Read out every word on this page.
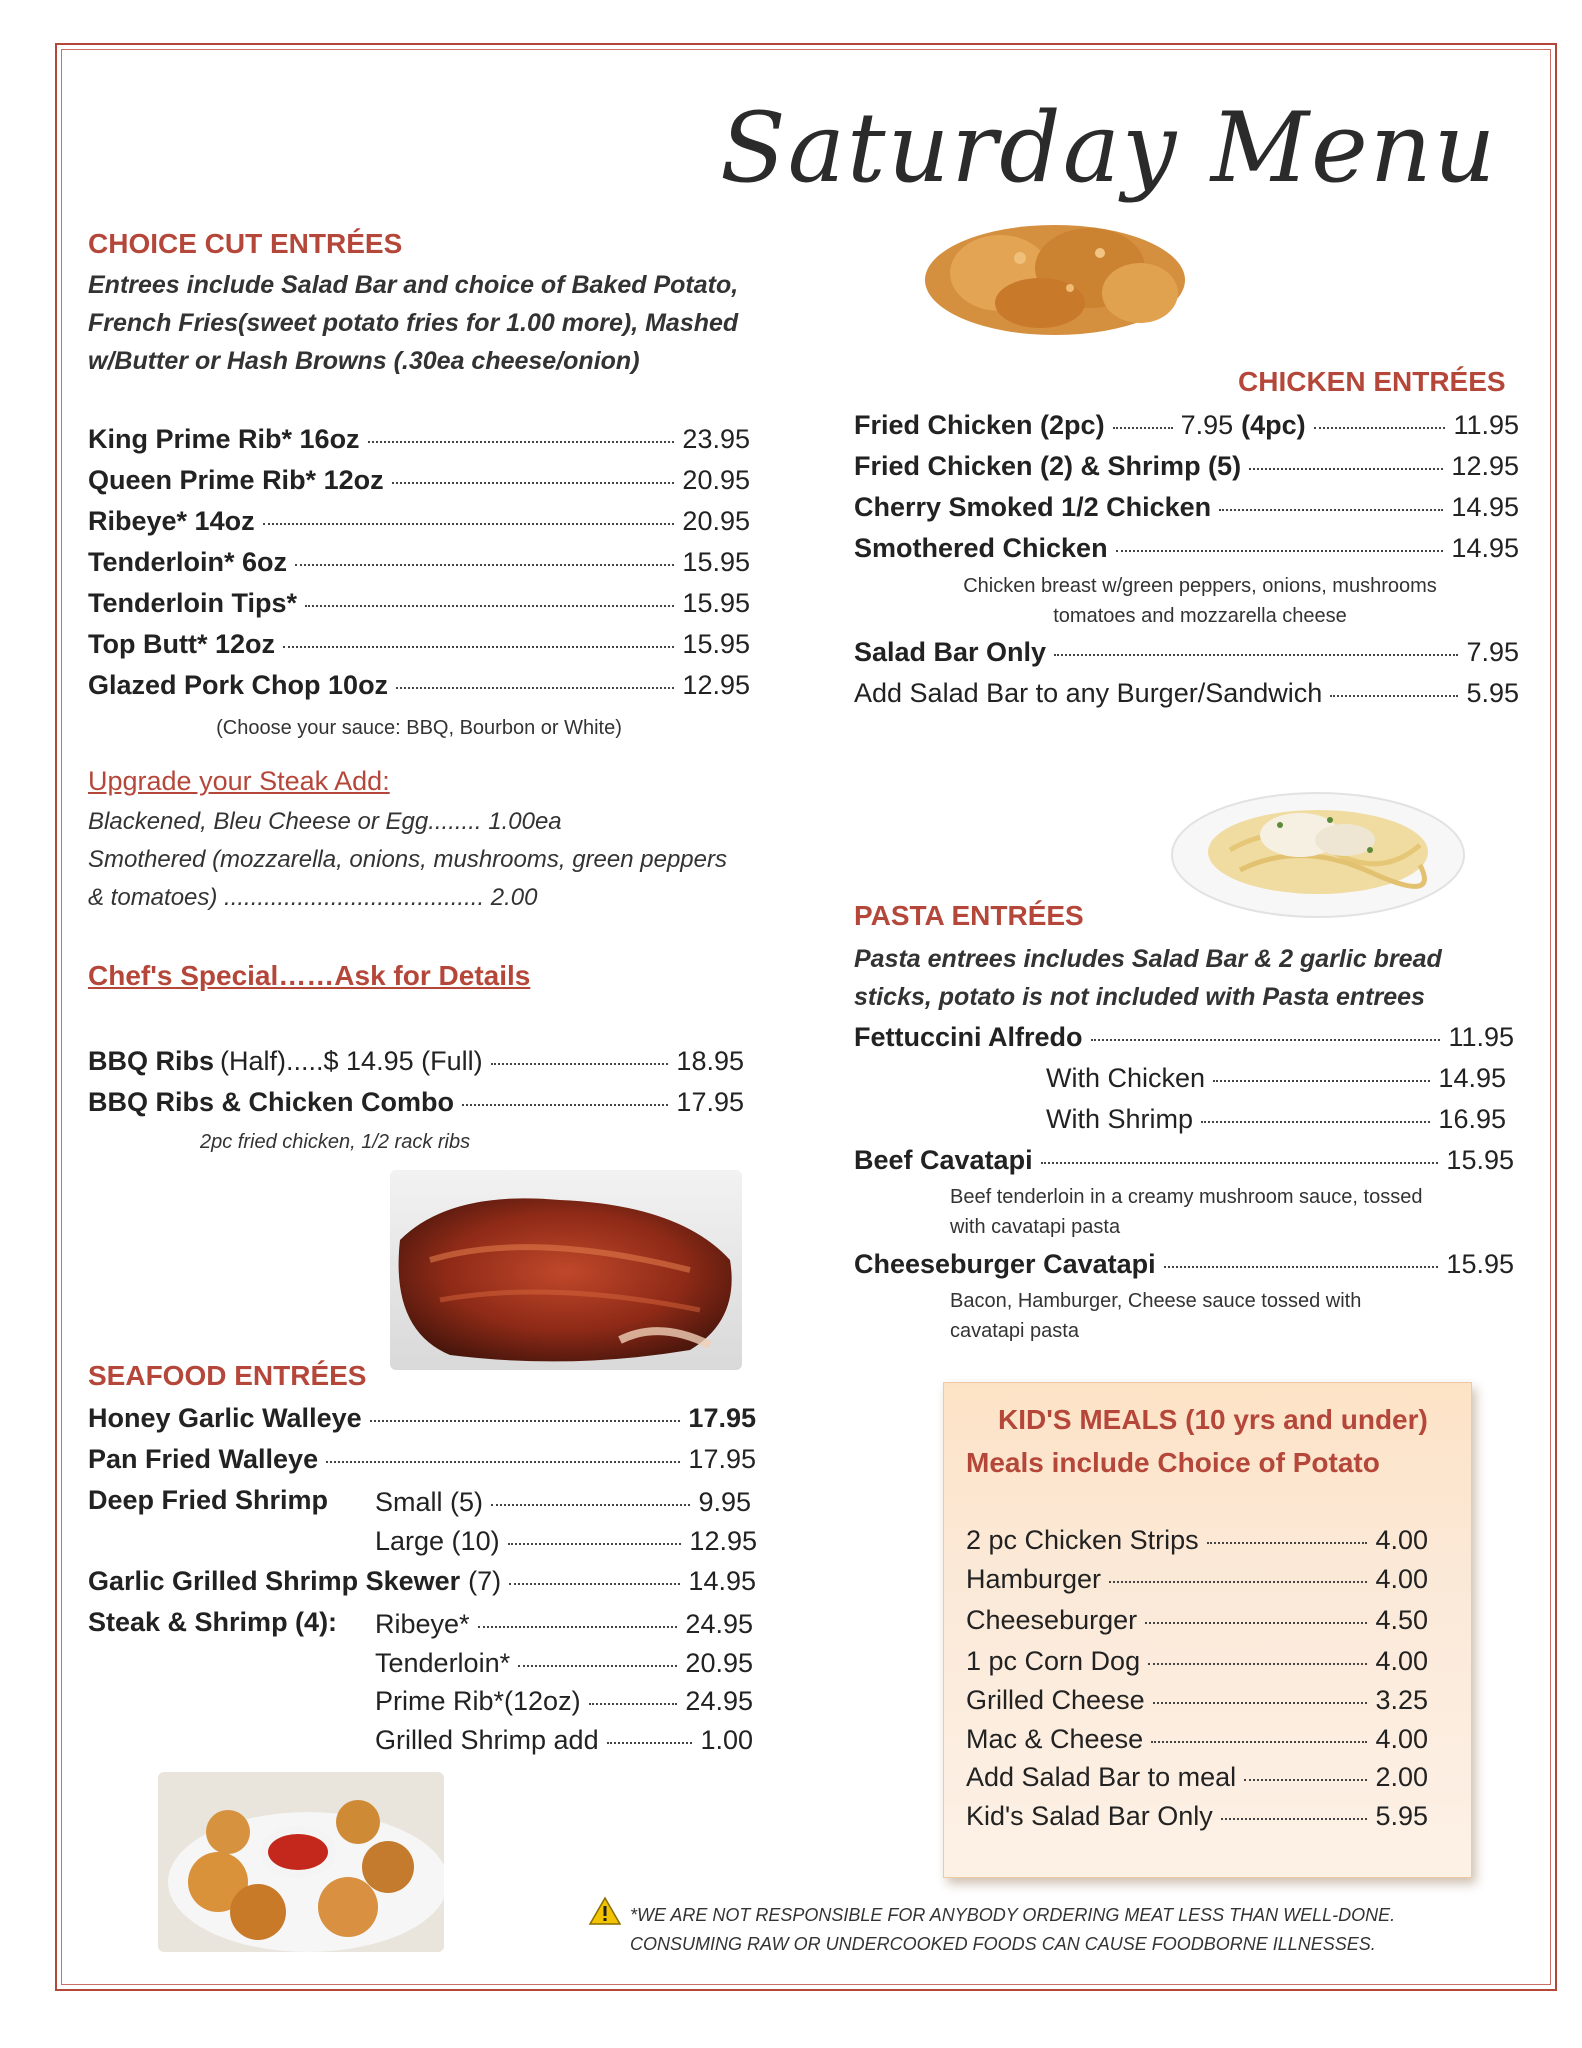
Saturday Menu
CHOICE CUT ENTRÉES
Entrees include Salad Bar and choice of Baked Potato,
French Fries(sweet potato fries for 1.00 more), Mashed
w/Butter or Hash Browns (.30ea cheese/onion)
King Prime Rib* 16oz	23.95
Queen Prime Rib* 12oz	20.95
Ribeye* 14oz	20.95
Tenderloin* 6oz	15.95
Tenderloin Tips*	15.95
Top Butt* 12oz	15.95
Glazed Pork Chop 10oz	12.95
(Choose your sauce: BBQ, Bourbon or White)
Upgrade your Steak Add:
Blackened, Bleu Cheese or Egg........ 1.00ea
Smothered (mozzarella, onions, mushrooms, green peppers
& tomatoes) ....................................... 2.00
Chef's Special……Ask for Details
BBQ Ribs (Half).....$ 14.95 (Full)	18.95
BBQ Ribs & Chicken Combo	17.95
2pc fried chicken, 1/2 rack ribs
SEAFOOD ENTRÉES
Honey Garlic Walleye	17.95
Pan Fried Walleye	17.95
Deep Fried Shrimp Small (5)	9.95
Large (10)	12.95
Garlic Grilled Shrimp Skewer (7)	14.95
Steak & Shrimp (4): Ribeye*	24.95
Tenderloin*	20.95
Prime Rib*(12oz)	24.95
Grilled Shrimp add	1.00
CHICKEN ENTRÉES
Fried Chicken (2pc)	7.95 (4pc)	11.95
Fried Chicken (2) & Shrimp (5)	12.95
Cherry Smoked 1/2 Chicken	14.95
Smothered Chicken	14.95
Chicken breast w/green peppers, onions, mushrooms
tomatoes and mozzarella cheese
Salad Bar Only	7.95
Add Salad Bar to any Burger/Sandwich	5.95
PASTA ENTRÉES
Pasta entrees includes Salad Bar & 2 garlic bread
sticks, potato is not included with Pasta entrees
Fettuccini Alfredo	11.95
With Chicken	14.95
With Shrimp	16.95
Beef Cavatapi	15.95
Beef tenderloin in a creamy mushroom sauce, tossed
with cavatapi pasta
Cheeseburger Cavatapi	15.95
Bacon, Hamburger, Cheese sauce tossed with
cavatapi pasta
KID'S MEALS (10 yrs and under)
Meals include Choice of Potato
2 pc Chicken Strips	4.00
Hamburger	4.00
Cheeseburger	4.50
1 pc Corn Dog	4.00
Grilled Cheese	3.25
Mac & Cheese	4.00
Add Salad Bar to meal	2.00
Kid's Salad Bar Only	5.95
*WE ARE NOT RESPONSIBLE FOR ANYBODY ORDERING MEAT LESS THAN WELL-DONE.
CONSUMING RAW OR UNDERCOOKED FOODS CAN CAUSE FOODBORNE ILLNESSES.
